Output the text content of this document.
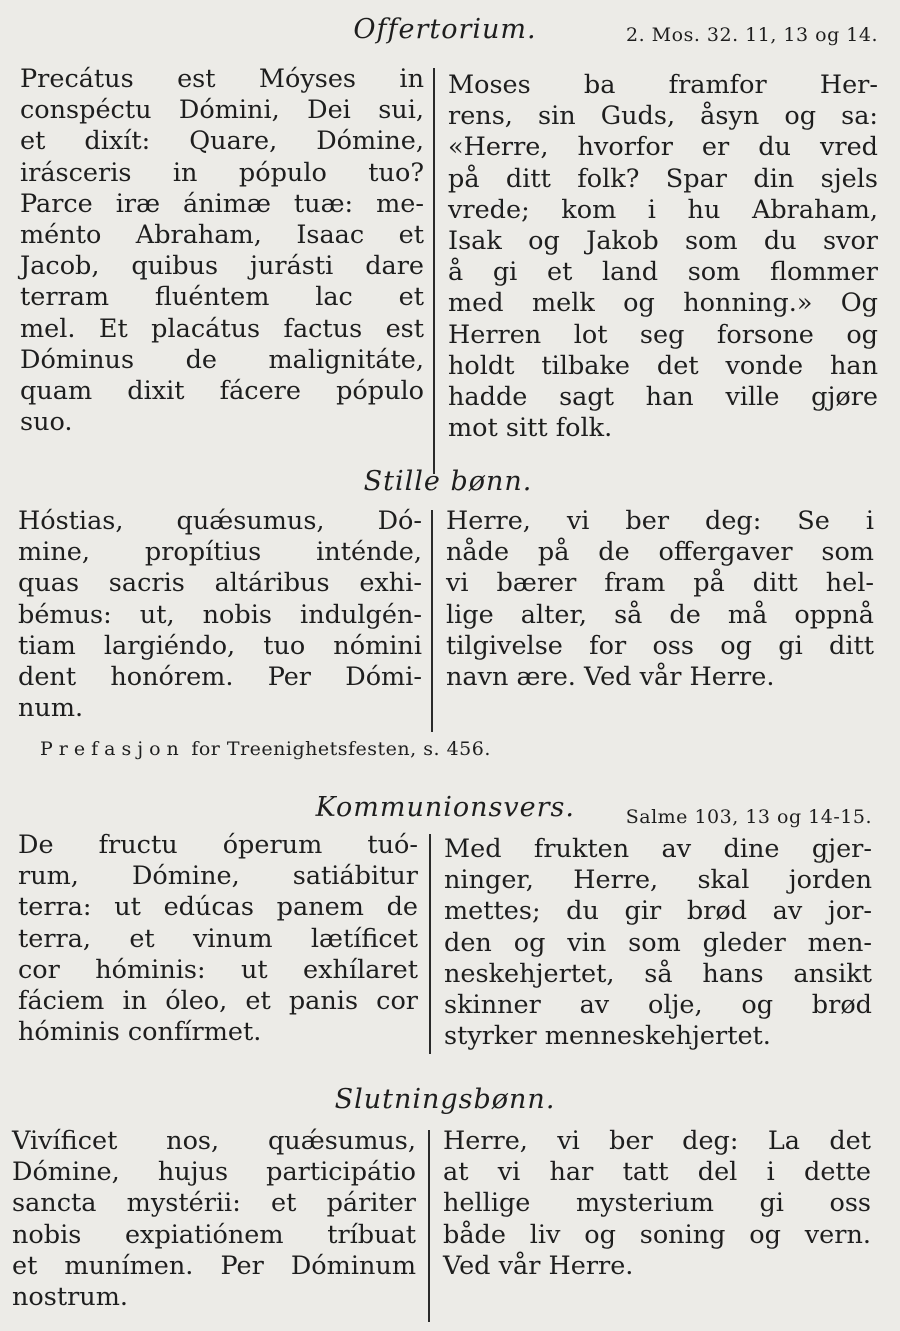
Offertorium.	2. Mos. 32. 11, 13 og 14.
Precátus est Móyses in
conspéctu Dómini, Dei sui,
et dixít: Quare, Dómine,
irásceris in pópulo tuo?
Parce iræ ánimæ tuæ: me-
ménto Abraham, Isaac et
Jacob, quibus jurásti dare
terram fluéntem lac et
mel. Et placátus factus est
Dóminus de malignitáte,
quam dixit fácere pópulo
suo.
Moses ba framfor Her-
rens, sin Guds, åsyn og sa:
«Herre, hvorfor er du vred
på ditt folk? Spar din sjels
vrede; kom i hu Abraham,
Isak og Jakob som du svor
å gi et land som flommer
med melk og honning.» Og
Herren lot seg forsone og
holdt tilbake det vonde han
hadde sagt han ville gjøre
mot sitt folk.
Stille bønn.
Hóstias, quǽsumus, Dó-
mine, propítius inténde,
quas sacris altáribus exhi-
bémus: ut, nobis indulgén-
tiam largiéndo, tuo nómini
dent honórem. Per Dómi-
num.
Herre, vi ber deg: Se i
nåde på de offergaver som
vi bærer fram på ditt hel-
lige alter, så de må oppnå
tilgivelse for oss og gi ditt
navn ære. Ved vår Herre.
Prefasjon for Treenighetsfesten, s. 456.
Kommunionsvers.	Salme 103, 13 og 14-15.
De fructu óperum tuó-
rum, Dómine, satiábitur
terra: ut edúcas panem de
terra, et vinum lætíficet
cor hóminis: ut exhílaret
fáciem in óleo, et panis cor
hóminis confírmet.
Med frukten av dine gjer-
ninger, Herre, skal jorden
mettes; du gir brød av jor-
den og vin som gleder men-
neskehjertet, så hans ansikt
skinner av olje, og brød
styrker menneskehjertet.
Slutningsbønn.
Vivíficet nos, quǽsumus,
Dómine, hujus participátio
sancta mystérii: et páriter
nobis expiatiónem tríbuat
et munímen. Per Dóminum
nostrum.
Herre, vi ber deg: La det
at vi har tatt del i dette
hellige mysterium gi oss
både liv og soning og vern.
Ved vår Herre.
